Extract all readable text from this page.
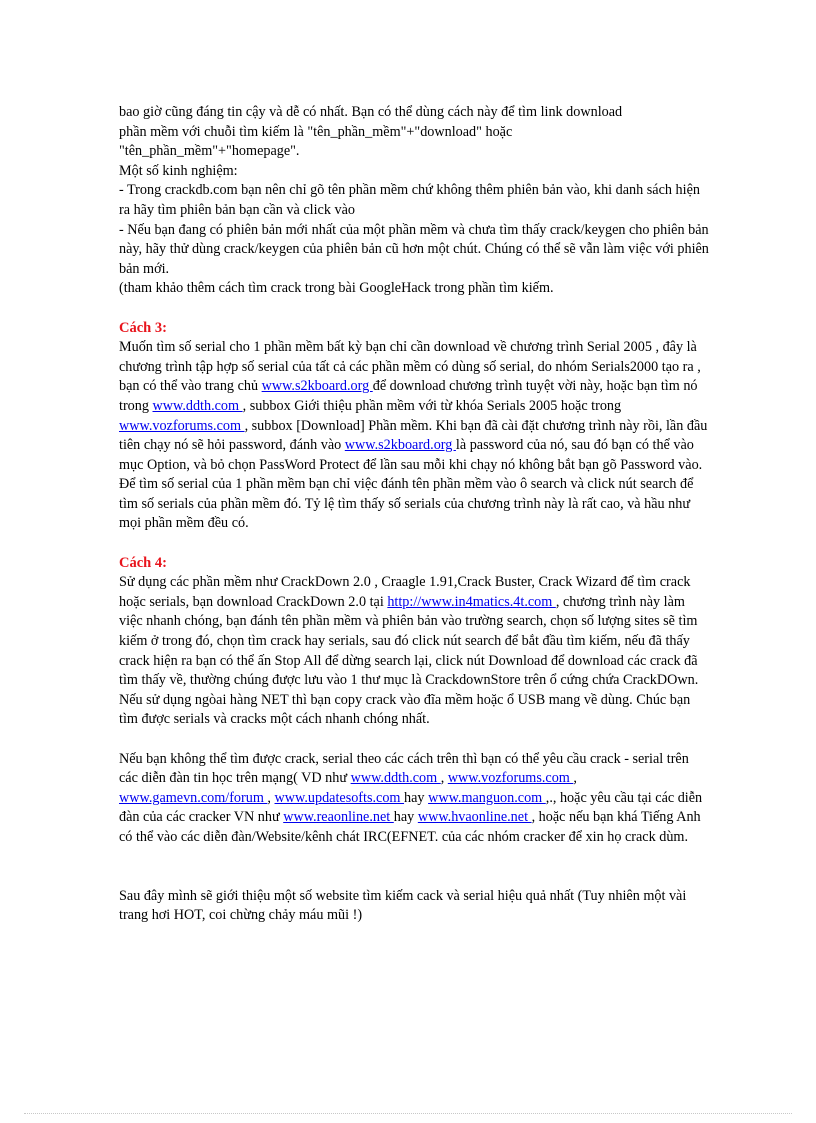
bao giờ cũng đáng tin cậy và dễ có nhất. Bạn có thể dùng cách này để tìm link download

phần mềm với chuỗi tìm kiếm là "tên_phần_mềm"+"download" hoặc

"tên_phần_mềm"+"homepage".

Một số kinh nghiệm:

- Trong crackdb.com bạn nên chỉ gõ tên phần mềm chứ không thêm phiên bản vào, khi danh sách hiện ra hãy tìm phiên bản bạn cần và click vào

- Nếu bạn đang có phiên bản mới nhất của một phần mềm và chưa tìm thấy crack/keygen cho phiên bản này, hãy thử dùng crack/keygen của phiên bản cũ hơn một chút. Chúng có thể sẽ vẫn làm việc với phiên bản mới.

(tham khảo thêm cách tìm crack trong bài GoogleHack trong phần tìm kiếm.

Cách 3:

Muốn tìm số serial cho 1 phần mềm bất kỳ bạn chỉ cần download về chương trình Serial 2005 , đây là chương trình tập hợp số serial của tất cả các phần mềm có dùng số serial, do nhóm Serials2000 tạo ra , bạn có thể vào trang chủ www.s2kboard.org để download chương trình tuyệt vời này, hoặc bạn tìm nó trong www.ddth.com , subbox Giới thiệu phần mềm với từ khóa Serials 2005 hoặc trong www.vozforums.com , subbox [Download] Phần mềm. Khi bạn đã cài đặt chương trình này rồi, lần đầu tiên chạy nó sẽ hỏi password, đánh vào www.s2kboard.org là password của nó, sau đó bạn có thể vào mục Option, và bỏ chọn PassWord Protect để lần sau mỗi khi chạy nó không bắt bạn gõ Password vào.

Để tìm số serial của 1 phần mềm bạn chỉ việc đánh tên phần mềm vào ô search và click nút search để tìm số serials của phần mềm đó. Tỷ lệ tìm thấy số serials của chương trình này là rất cao, và hầu như mọi phần mềm đều có.

Cách 4:

Sử dụng các phần mềm như CrackDown 2.0 , Craagle 1.91,Crack Buster, Crack Wizard để tìm crack hoặc serials, bạn download CrackDown 2.0 tại http://www.in4matics.4t.com , chương trình này làm việc nhanh chóng, bạn đánh tên phần mềm và phiên bản vào trường search, chọn số lượng sites sẽ tìm kiếm ở trong đó, chọn tìm crack hay serials, sau đó click nút search để bắt đầu tìm kiếm, nếu đã thấy crack hiện ra bạn có thể ấn Stop All để dừng search lại, click nút Download để download các crack đã tìm thấy về, thường chúng được lưu vào 1 thư mục là CrackdownStore trên ổ cứng chứa CrackDOwn. Nếu sử dụng ngòai hàng NET thì bạn copy crack vào đĩa mềm hoặc ổ USB mang về dùng. Chúc bạn tìm được serials và cracks một cách nhanh chóng nhất.

Nếu bạn không thể tìm được crack, serial theo các cách trên thì bạn có thể yêu cầu crack - serial trên các diễn đàn tin học trên mạng( VD như www.ddth.com , www.vozforums.com , www.gamevn.com/forum , www.updatesofts.com hay www.manguon.com ,., hoặc yêu cầu tại các diễn đàn của các cracker VN như www.reaonline.net hay www.hvaonline.net , hoặc nếu bạn khá Tiếng Anh có thể vào các diễn đàn/Website/kênh chát IRC(EFNET. của các nhóm cracker để xin họ crack dùm.

Sau đây mình sẽ giới thiệu một số website tìm kiếm cack và serial hiệu quả nhất (Tuy nhiên một vài trang hơi HOT, coi chừng chảy máu mũi !)
